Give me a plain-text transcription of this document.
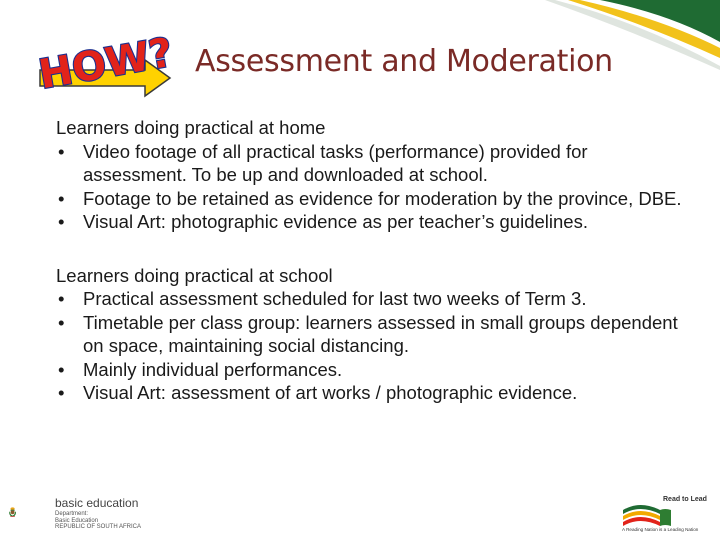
HOW? Assessment and Moderation

Learners doing practical at home

• Video footage of all practical tasks (performance) provided for assessment. To be up and downloaded at school.
• Footage to be retained as evidence for moderation by the province, DBE.
• Visual Art: photographic evidence as per teacher’s guidelines.

Learners doing practical at school

• Practical assessment scheduled for last two weeks of Term 3.
• Timetable per class group: learners assessed in small groups dependent on space, maintaining social distancing.
• Mainly individual performances.
• Visual Art: assessment of art works / photographic evidence.
basic education
Department:
Basic Education
REPUBLIC OF SOUTH AFRICA
Read to Lead
A Reading Nation is a Leading Nation
